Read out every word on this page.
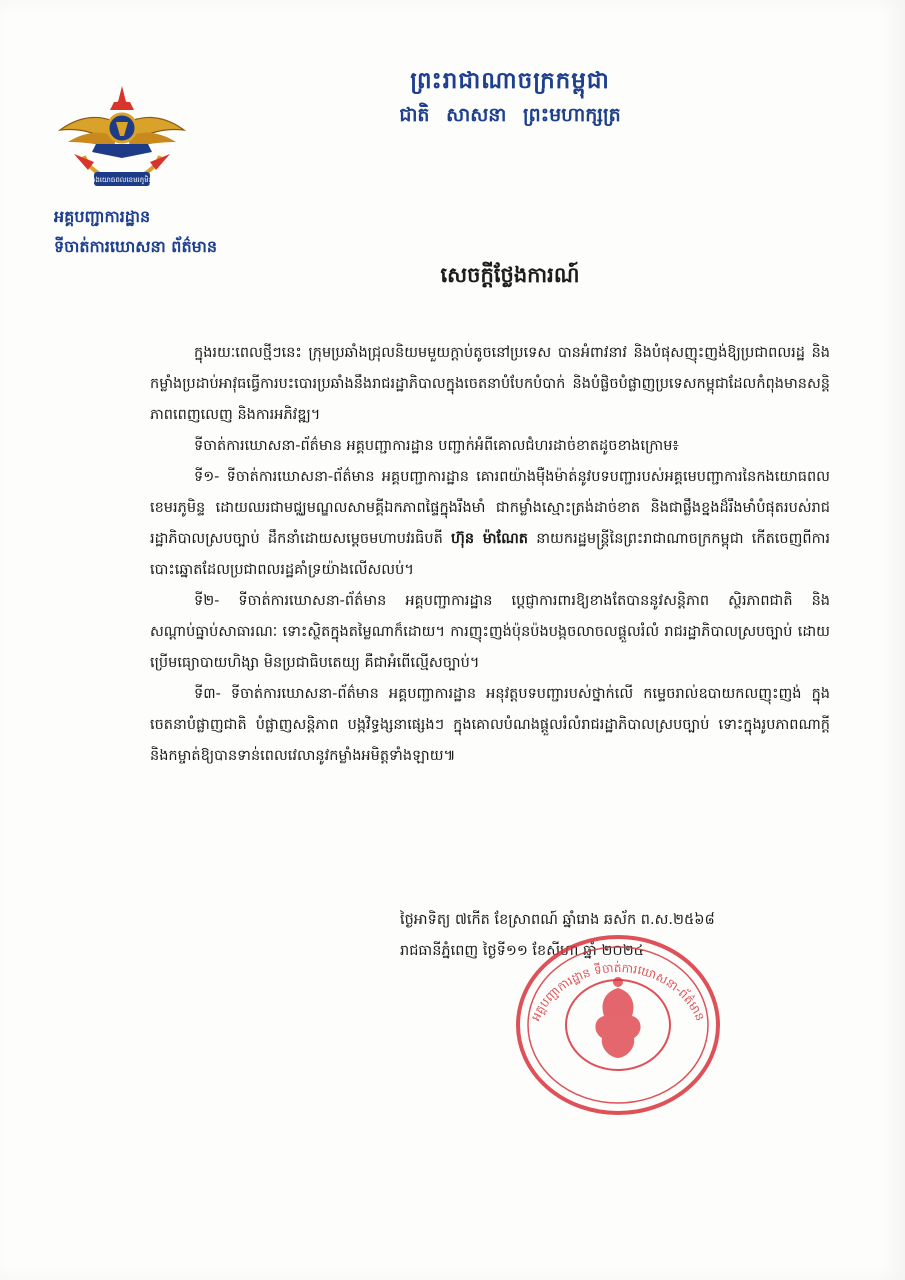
កងយោធពលខេមរភូមិន្ទ
អគ្គបញ្ជាការដ្ឋាន
ទីចាត់ការឃោសនា ព័ត៌មាន
ព្រះរាជាណាចក្រកម្ពុជា
ជាតិ សាសនា ព្រះមហាក្សត្រ
សេចក្តីថ្លែងការណ៍

ក្នុងរយៈពេលថ្មីៗនេះ ក្រុមប្រឆាំងជ្រុលនិយមមួយក្តាប់តូចនៅប្រទេស បានអំពាវនាវ និងបំផុសញុះញង់ឱ្យប្រជាពលរដ្ឋ និងកម្លាំងប្រដាប់អាវុធធ្វើការបះបោរប្រឆាំងនឹងរាជរដ្ឋាភិបាលក្នុងចេតនាបំបែកបំបាក់ និងបំផ្លិចបំផ្លាញប្រទេសកម្ពុជាដែលកំពុងមានសន្តិភាពពេញលេញ និងការអភិវឌ្ឍ។

ទីចាត់ការឃោសនា-ព័ត៌មាន អគ្គបញ្ជាការដ្ឋាន បញ្ជាក់អំពីគោលជំហរដាច់ខាតដូចខាងក្រោម៖

ទី១- ទីចាត់ការឃោសនា-ព័ត៌មាន អគ្គបញ្ជាការដ្ឋាន គោរពយ៉ាងម៉ឺងម៉ាត់នូវបទបញ្ជារបស់អគ្គមេបញ្ជាការនៃកងយោធពលខេមរភូមិន្ទ ដោយឈរជាមជ្ឈមណ្ឌលសាមគ្គីឯកភាពផ្ទៃក្នុងរឹងមាំ ជាកម្លាំងស្មោះត្រង់ដាច់ខាត និងជាផ្លឹងខ្នងដ៏រឹងមាំបំផុតរបស់រាជរដ្ឋាភិបាលស្របច្បាប់ ដឹកនាំដោយសម្តេចមហាបវរធិបតី ហ៊ុន ម៉ាណែត នាយករដ្ឋមន្ត្រីនៃព្រះរាជាណាចក្រកម្ពុជា កើតចេញពីការបោះឆ្នោតដែលប្រជាពលរដ្ឋគាំទ្រយ៉ាងលើសលប់។

ទី២- ទីចាត់ការឃោសនា-ព័ត៌មាន អគ្គបញ្ជាការដ្ឋាន ប្តេជ្ញាការពារឱ្យខាងតែបាននូវសន្តិភាព ស្ថិរភាពជាតិ និង សណ្តាប់ធ្នាប់សាធារណៈ ទោះស្ថិតក្នុងតម្លៃណាក៏ដោយ។ ការញុះញង់ប៉ុនប៉ងបង្កចលាចលផ្តួលរំលំ រាជរដ្ឋាភិបាលស្របច្បាប់ ដោយប្រើមធ្យោបាយហិង្សា មិនប្រជាធិបតេយ្យ គឺជាអំពើល្មើសច្បាប់។

ទី៣- ទីចាត់ការឃោសនា-ព័ត៌មាន អគ្គបញ្ជាការដ្ឋាន អនុវត្តបទបញ្ជារបស់ថ្នាក់លើ កម្ទេចរាល់ឧបាយកលញុះញង់ ក្នុងចេតនាបំផ្លាញជាតិ បំផ្លាញសន្តិភាព បង្កវិទ្ធង្សនាផ្សេងៗ ក្នុងគោលបំណងផ្តួលរំលំរាជរដ្ឋាភិបាលស្របច្បាប់ ទោះក្នុងរូបភាពណាក្តី និងកម្ចាត់ឱ្យបានទាន់ពេលវេលានូវកម្លាំងអមិត្តទាំងឡាយ៕

ថ្ងៃអាទិត្យ ៧កើត ខែស្រាពណ៍ ឆ្នាំរោង ឆស័ក ព.ស.២៥៦៨
រាជធានីភ្នំពេញ ថ្ងៃទី១១ ខែសីហា ឆ្នាំ ២០២៤
អគ្គបញ្ជាការដ្ឋាន ទីចាត់ការឃោសនា-ព័ត៌មាន
